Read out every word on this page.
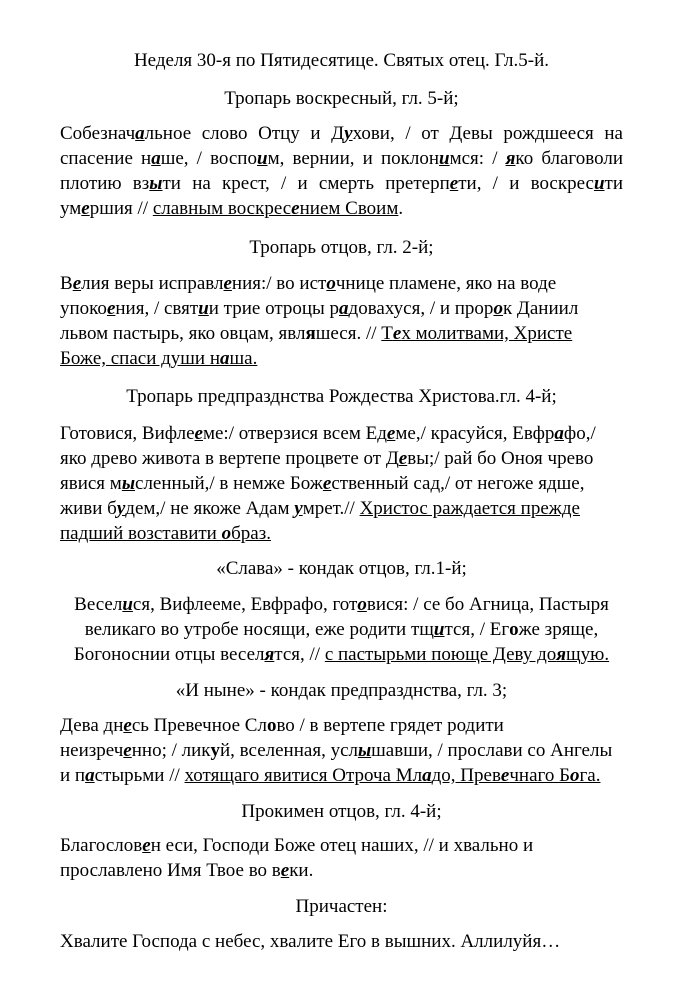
Неделя 30-я по Пятидесятице. Святых отец. Гл.5-й.
Тропарь воскресный, гл. 5-й;
Собезначальное слово Отцу и Духови, / от Девы рождшееся на
спасение наше, / воспоим, вернии, и поклонимся: / яко благоволи
плотию взыти на крест, / и смерть претерпети, / и воскресити
умершия // славным воскресением Своим.
Тропарь отцов, гл. 2-й;
Велия веры исправления:/ во источнице пламене, яко на воде
упокоения, / святии трие отроцы радовахуся, / и пророк Даниил
львом пастырь, яко овцам, являшеся. // Тех молитвами, Христе
Боже, спаси души наша.
Тропарь предпразднства Рождества Христова.гл. 4-й;
Готовися, Вифлееме:/ отверзися всем Едеме,/ красуйся, Евфрафо,/
яко древо живота в вертепе процвете от Девы;/ рай бо Оноя чрево
явися мысленный,/ в немже Божественный сад,/ от негоже ядше,
живи будем,/ не якоже Адам умрет.// Христос раждается прежде
падший возставити образ.
«Слава» - кондак отцов, гл.1-й;
Веселися, Вифлееме, Евфрафо, готовися: / се бо Агница, Пастыря
великаго во утробе носящи, еже родити тщится, / Егоже зряще,
Богоноснии отцы веселятся, // с пастырьми поюще Деву доящую.
«И ныне» - кондак предпразднства, гл. 3;
Дева днесь Превечное Слово / в вертепе грядет родити
неизреченно; / ликуй, вселенная, услышавши, / прослави со Ангелы
и пастырьми // хотящаго явитися Отроча Младо, Превечнаго Бога.
Прокимен отцов, гл. 4-й;
Благословен еси, Господи Боже отец наших, // и хвально и
прославлено Имя Твое во веки.
Причастен:
Хвалите Господа с небес, хвалите Его в вышних. Аллилуйя…
